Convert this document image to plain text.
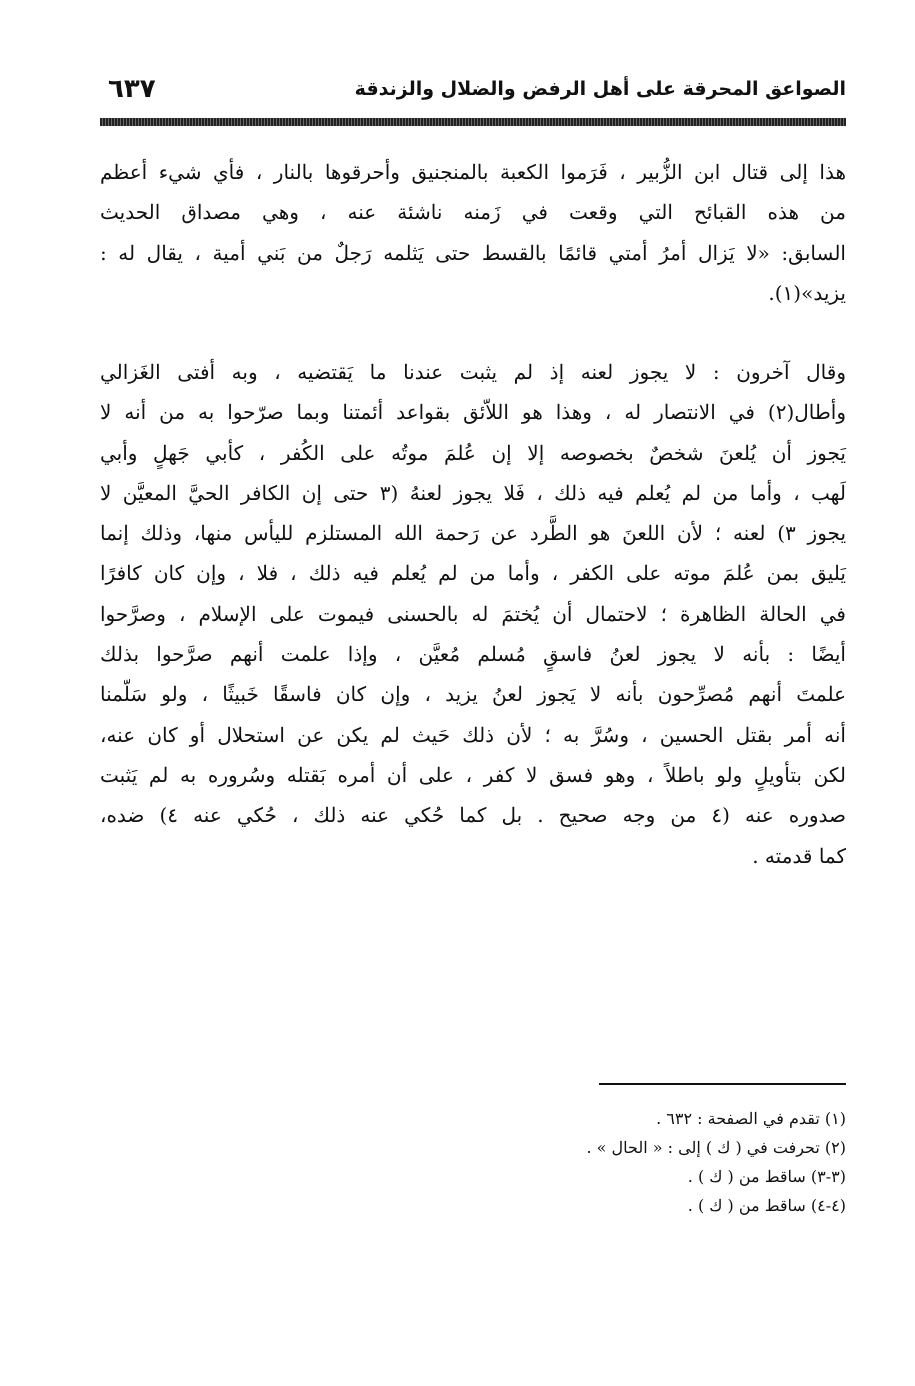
الصواعق المحرقة على أهل الرفض والضلال والزندقة
٦٣٧
هذا إلى قتال ابن الزُّبير ، فَرَموا الكعبة بالمنجنيق وأحرقوها بالنار ، فأي شيء أعظم
من هذه القبائح التي وقعت في زَمنه ناشئة عنه ، وهي مصداق الحديث
السابق: «لا يَزال أمرُ أمتي قائمًا بالقسط حتى يَثلمه رَجلٌ من بَني أمية ، يقال له :
يزيد»(١).
وقال آخرون : لا يجوز لعنه إذ لم يثبت عندنا ما يَقتضيه ، وبه أفتى الغَزالي
وأطال(٢) في الانتصار له ، وهذا هو اللاّئق بقواعد أئمتنا وبما صرّحوا به من أنه لا
يَجوز أن يُلعنَ شخصٌ بخصوصه إلا إن عُلمَ موتُه على الكُفر ، كأبي جَهلٍ وأبي
لَهب ، وأما من لم يُعلم فيه ذلك ، فَلا يجوز لعنهُ (٣ حتى إن الكافر الحيَّ المعيَّن لا
يجوز ٣) لعنه ؛ لأن اللعنَ هو الطَّرد عن رَحمة الله المستلزم لليأس منها، وذلك إنما
يَليق بمن عُلمَ موته على الكفر ، وأما من لم يُعلم فيه ذلك ، فلا ، وإن كان كافرًا
في الحالة الظاهرة ؛ لاحتمال أن يُختمَ له بالحسنى فيموت على الإسلام ، وصرَّحوا
أيضًا : بأنه لا يجوز لعنُ فاسقٍ مُسلم مُعيَّن ، وإذا علمت أنهم صرَّحوا بذلك
علمتَ أنهم مُصرِّحون بأنه لا يَجوز لعنُ يزيد ، وإن كان فاسقًا خَبيثًا ، ولو سَلّمنا
أنه أمر بقتل الحسين ، وسُرَّ به ؛ لأن ذلك حَيث لم يكن عن استحلال أو كان عنه،
لكن بتأويلٍ ولو باطلاً ، وهو فسق لا كفر ، على أن أمره بَقتله وسُروره به لم يَثبت
صدوره عنه (٤ من وجه صحيح . بل كما حُكي عنه ذلك ، حُكي عنه ٤) ضده،
كما قدمته .
(١) تقدم في الصفحة : ٦٣٢ .
(٢) تحرفت في ( ك ) إلى : « الحال » .
(٣-٣) ساقط من ( ك ) .
(٤-٤) ساقط من ( ك ) .
